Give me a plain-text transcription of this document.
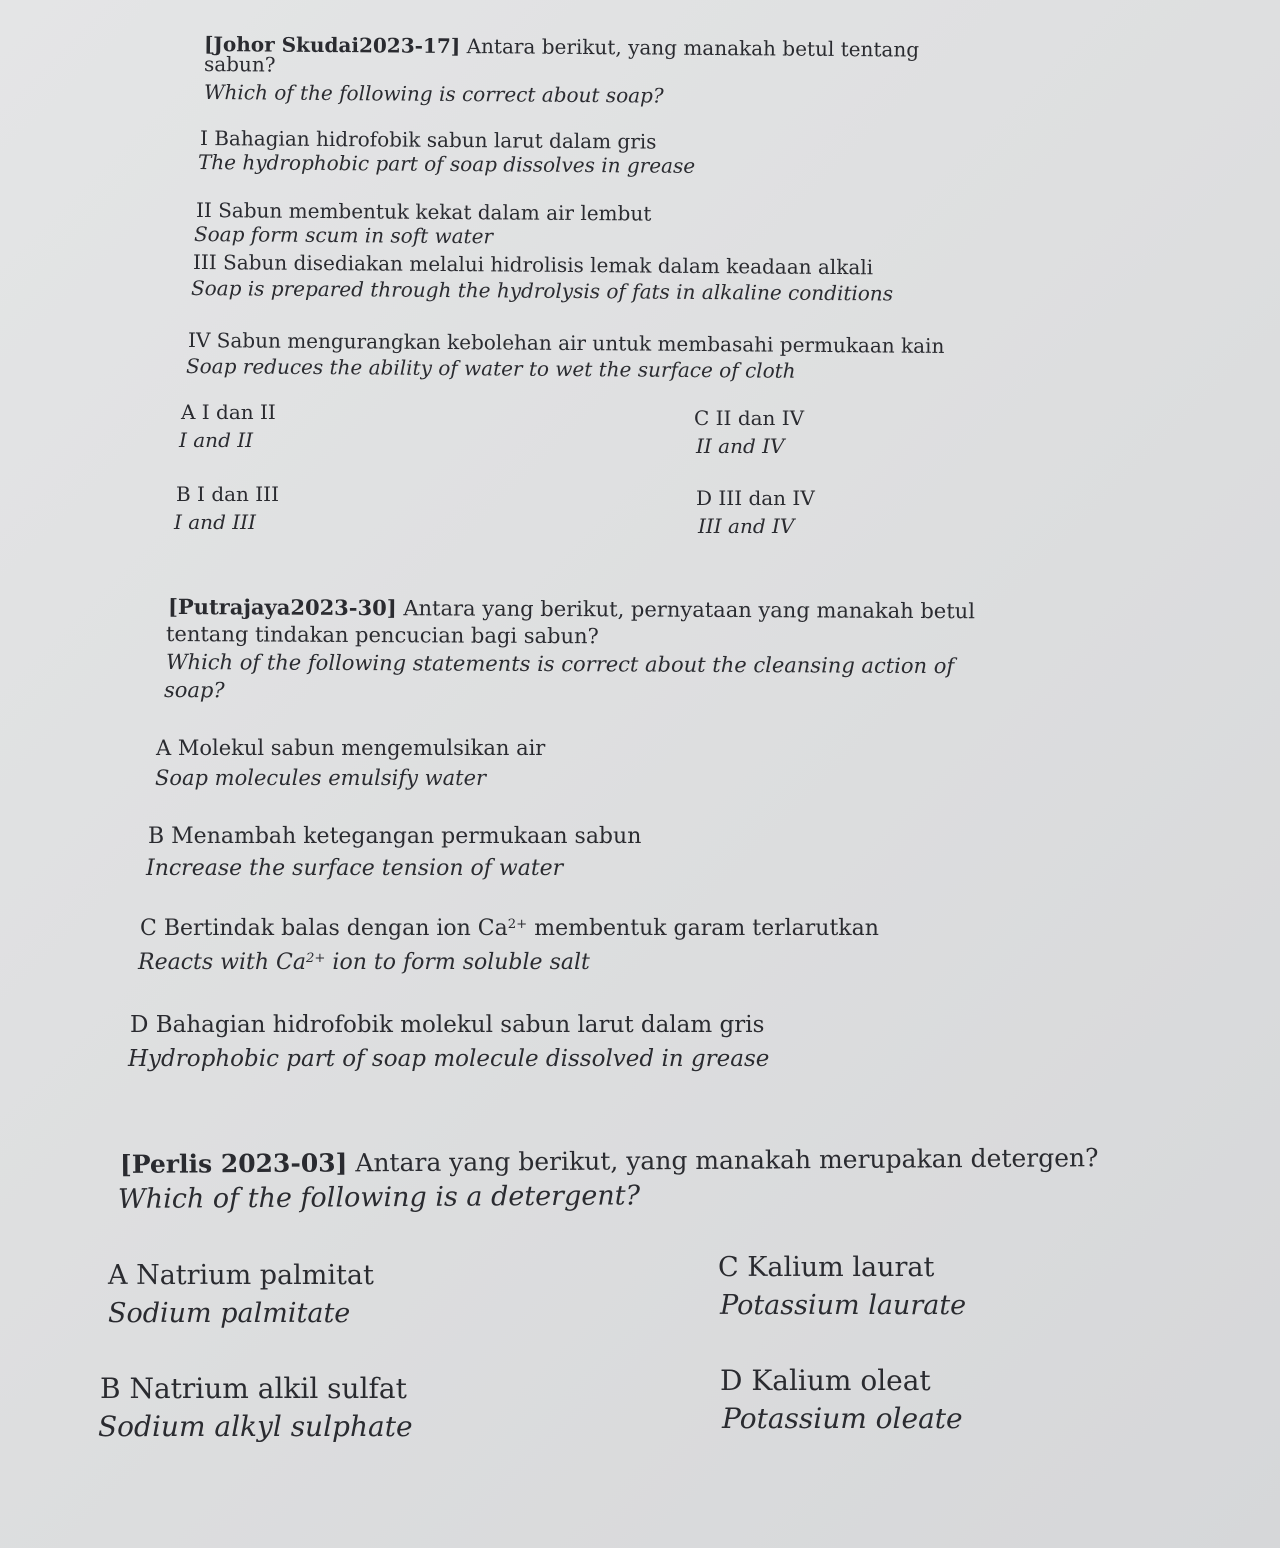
[Johor Skudai2023-17] Antara berikut, yang manakah betul tentang
sabun?
Which of the following is correct about soap?
I Bahagian hidrofobik sabun larut dalam gris
The hydrophobic part of soap dissolves in grease
II Sabun membentuk kekat dalam air lembut
Soap form scum in soft water
III Sabun disediakan melalui hidrolisis lemak dalam keadaan alkali
Soap is prepared through the hydrolysis of fats in alkaline conditions
IV Sabun mengurangkan kebolehan air untuk membasahi permukaan kain
Soap reduces the ability of water to wet the surface of cloth
A I dan II
I and II
C II dan IV
II and IV
B I dan III
I and III
D III dan IV
III and IV
[Putrajaya2023-30] Antara yang berikut, pernyataan yang manakah betul
tentang tindakan pencucian bagi sabun?
Which of the following statements is correct about the cleansing action of
soap?
A Molekul sabun mengemulsikan air
Soap molecules emulsify water
B Menambah ketegangan permukaan sabun
Increase the surface tension of water
C Bertindak balas dengan ion $Ca^{2+}$ membentuk garam terlarutkan
Reacts with $Ca^{2+}$ ion to form soluble salt
D Bahagian hidrofobik molekul sabun larut dalam gris
Hydrophobic part of soap molecule dissolved in grease
[Perlis 2023-03] Antara yang berikut, yang manakah merupakan detergen?
Which of the following is a detergent?
A Natrium palmitat
Sodium palmitate
C Kalium laurat
Potassium laurate
B Natrium alkil sulfat
Sodium alkyl sulphate
D Kalium oleat
Potassium oleate
